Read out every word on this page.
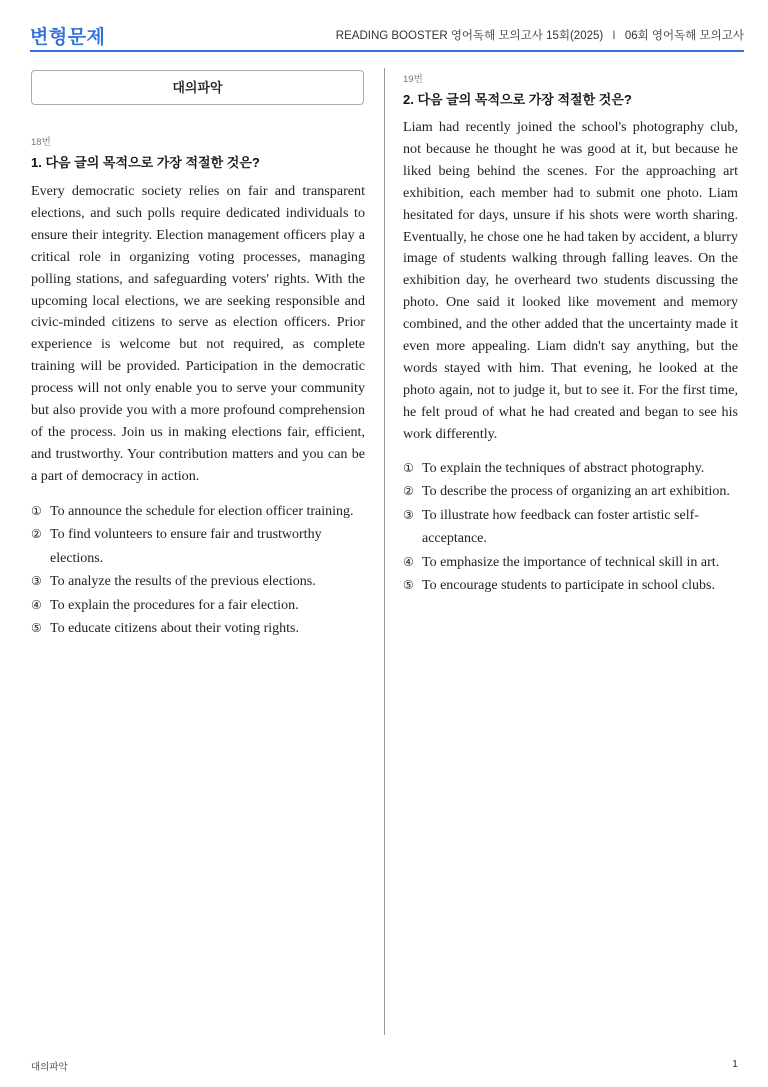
변형문제	READING BOOSTER 영어독해 모의고사 15회(2025) I 06회 영어독해 모의고사
대의파악
18번
1. 다음 글의 목적으로 가장 적절한 것은?

Every democratic society relies on fair and transparent elections, and such polls require dedicated individuals to ensure their integrity. Election management officers play a critical role in organizing voting processes, managing polling stations, and safeguarding voters' rights. With the upcoming local elections, we are seeking responsible and civic-minded citizens to serve as election officers. Prior experience is welcome but not required, as complete training will be provided. Participation in the democratic process will not only enable you to serve your community but also provide you with a more profound comprehension of the process. Join us in making elections fair, efficient, and trustworthy. Your contribution matters and you can be a part of democracy in action.

① To announce the schedule for election officer training.
② To find volunteers to ensure fair and trustworthy elections.
③ To analyze the results of the previous elections.
④ To explain the procedures for a fair election.
⑤ To educate citizens about their voting rights.
19번
2. 다음 글의 목적으로 가장 적절한 것은?

Liam had recently joined the school's photography club, not because he thought he was good at it, but because he liked being behind the scenes. For the approaching art exhibition, each member had to submit one photo. Liam hesitated for days, unsure if his shots were worth sharing. Eventually, he chose one he had taken by accident, a blurry image of students walking through falling leaves. On the exhibition day, he overheard two students discussing the photo. One said it looked like movement and memory combined, and the other added that the uncertainty made it even more appealing. Liam didn't say anything, but the words stayed with him. That evening, he looked at the photo again, not to judge it, but to see it. For the first time, he felt proud of what he had created and began to see his work differently.

① To explain the techniques of abstract photography.
② To describe the process of organizing an art exhibition.
③ To illustrate how feedback can foster artistic self-acceptance.
④ To emphasize the importance of technical skill in art.
⑤ To encourage students to participate in school clubs.
대의파악	1
